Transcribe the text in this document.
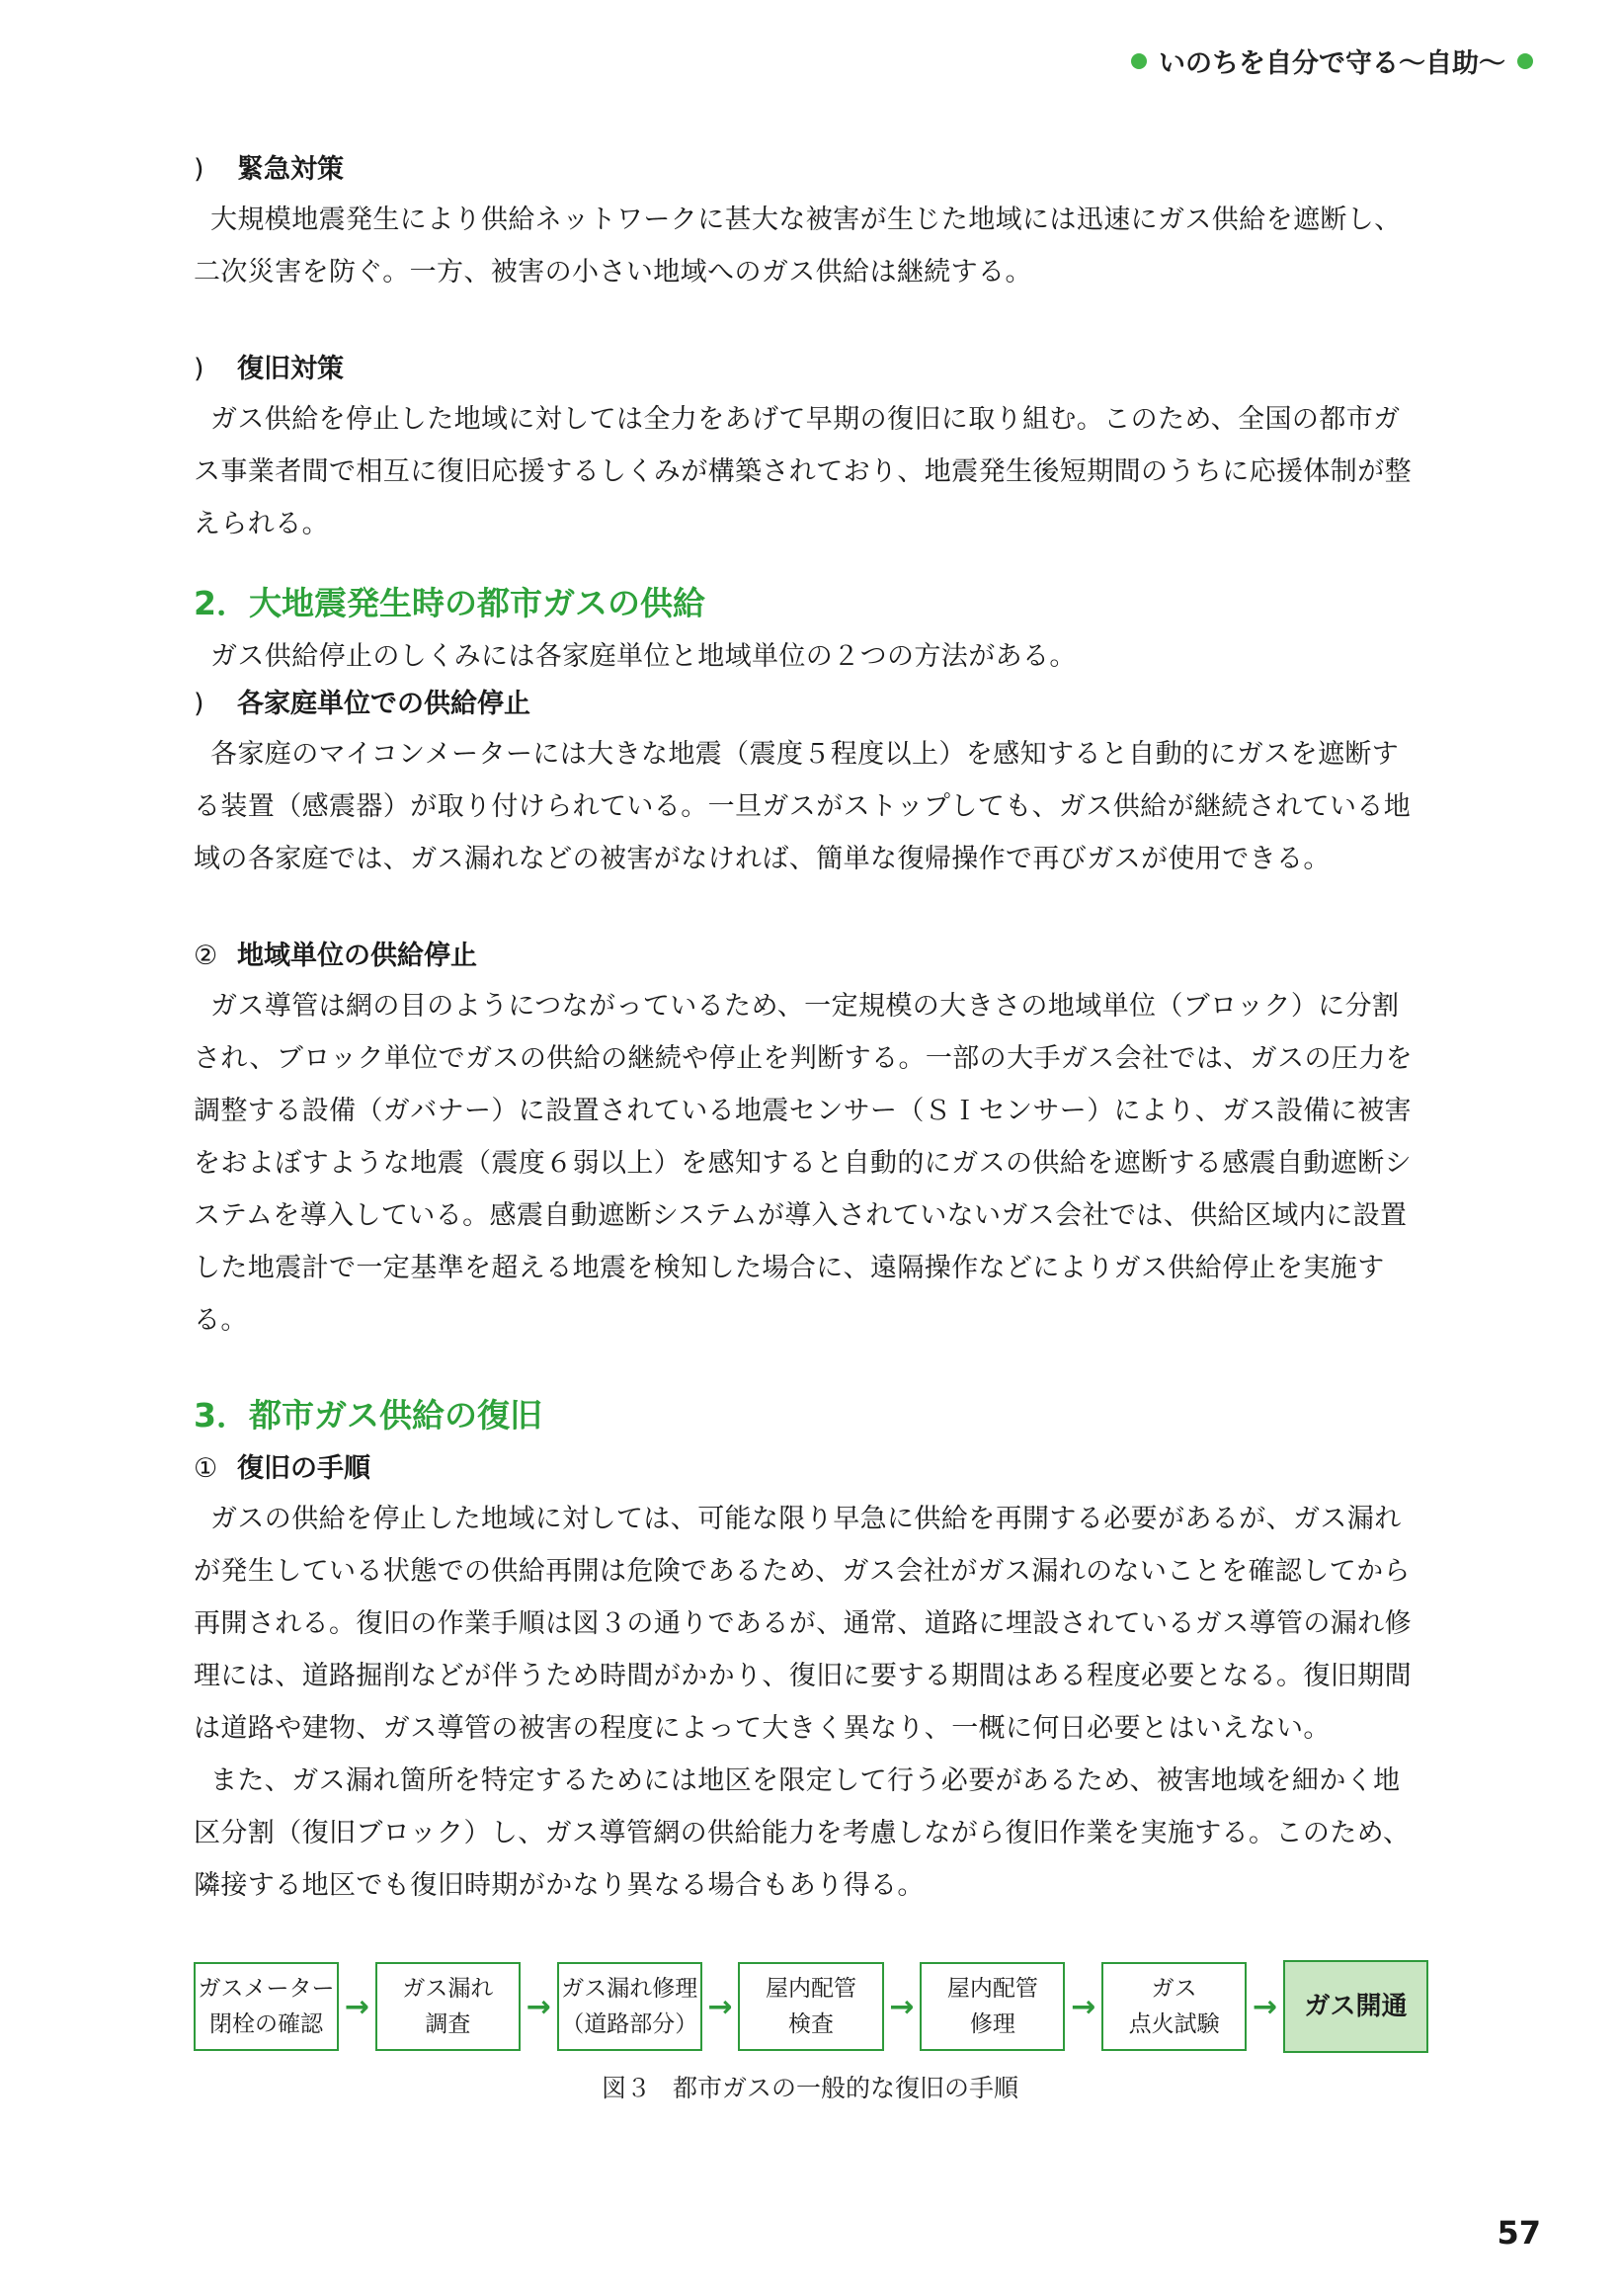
いのちを自分で守る〜自助〜
)	緊急対策

大規模地震発生により供給ネットワークに甚大な被害が生じた地域には迅速にガス供給を遮断し、

二次災害を防ぐ。一方、被害の小さい地域へのガス供給は継続する。

)	復旧対策

ガス供給を停止した地域に対しては全力をあげて早期の復旧に取り組む。このため、全国の都市ガ

ス事業者間で相互に復旧応援するしくみが構築されており、地震発生後短期間のうちに応援体制が整

えられる。

2．大地震発生時の都市ガスの供給

ガス供給停止のしくみには各家庭単位と地域単位の２つの方法がある。

)	各家庭単位での供給停止

各家庭のマイコンメーターには大きな地震（震度５程度以上）を感知すると自動的にガスを遮断す

る装置（感震器）が取り付けられている。一旦ガスがストップしても、ガス供給が継続されている地

域の各家庭では、ガス漏れなどの被害がなければ、簡単な復帰操作で再びガスが使用できる。

② 地域単位の供給停止

ガス導管は網の目のようにつながっているため、一定規模の大きさの地域単位（ブロック）に分割

され、ブロック単位でガスの供給の継続や停止を判断する。一部の大手ガス会社では、ガスの圧力を

調整する設備（ガバナー）に設置されている地震センサー（ＳＩセンサー）により、ガス設備に被害

をおよぼすような地震（震度６弱以上）を感知すると自動的にガスの供給を遮断する感震自動遮断シ

ステムを導入している。感震自動遮断システムが導入されていないガス会社では、供給区域内に設置

した地震計で一定基準を超える地震を検知した場合に、遠隔操作などによりガス供給停止を実施する。

3．都市ガス供給の復旧
① 復旧の手順

ガスの供給を停止した地域に対しては、可能な限り早急に供給を再開する必要があるが、ガス漏れ

が発生している状態での供給再開は危険であるため、ガス会社がガス漏れのないことを確認してから

再開される。復旧の作業手順は図３の通りであるが、通常、道路に埋設されているガス導管の漏れ修

理には、道路掘削などが伴うため時間がかかり、復旧に要する期間はある程度必要となる。復旧期間

は道路や建物、ガス導管の被害の程度によって大きく異なり、一概に何日必要とはいえない。

また、ガス漏れ箇所を特定するためには地区を限定して行う必要があるため、被害地域を細かく地

区分割（復旧ブロック）し、ガス導管網の供給能力を考慮しながら復旧作業を実施する。このため、

隣接する地区でも復旧時期がかなり異なる場合もあり得る。

ガスメーター
閉栓の確認
→
ガス漏れ
調査
→
ガス漏れ修理
（道路部分）
→
屋内配管
検査
→
屋内配管
修理
→
ガス
点火試験
→ ガス開通
図３ 都市ガスの一般的な復旧の手順
57
